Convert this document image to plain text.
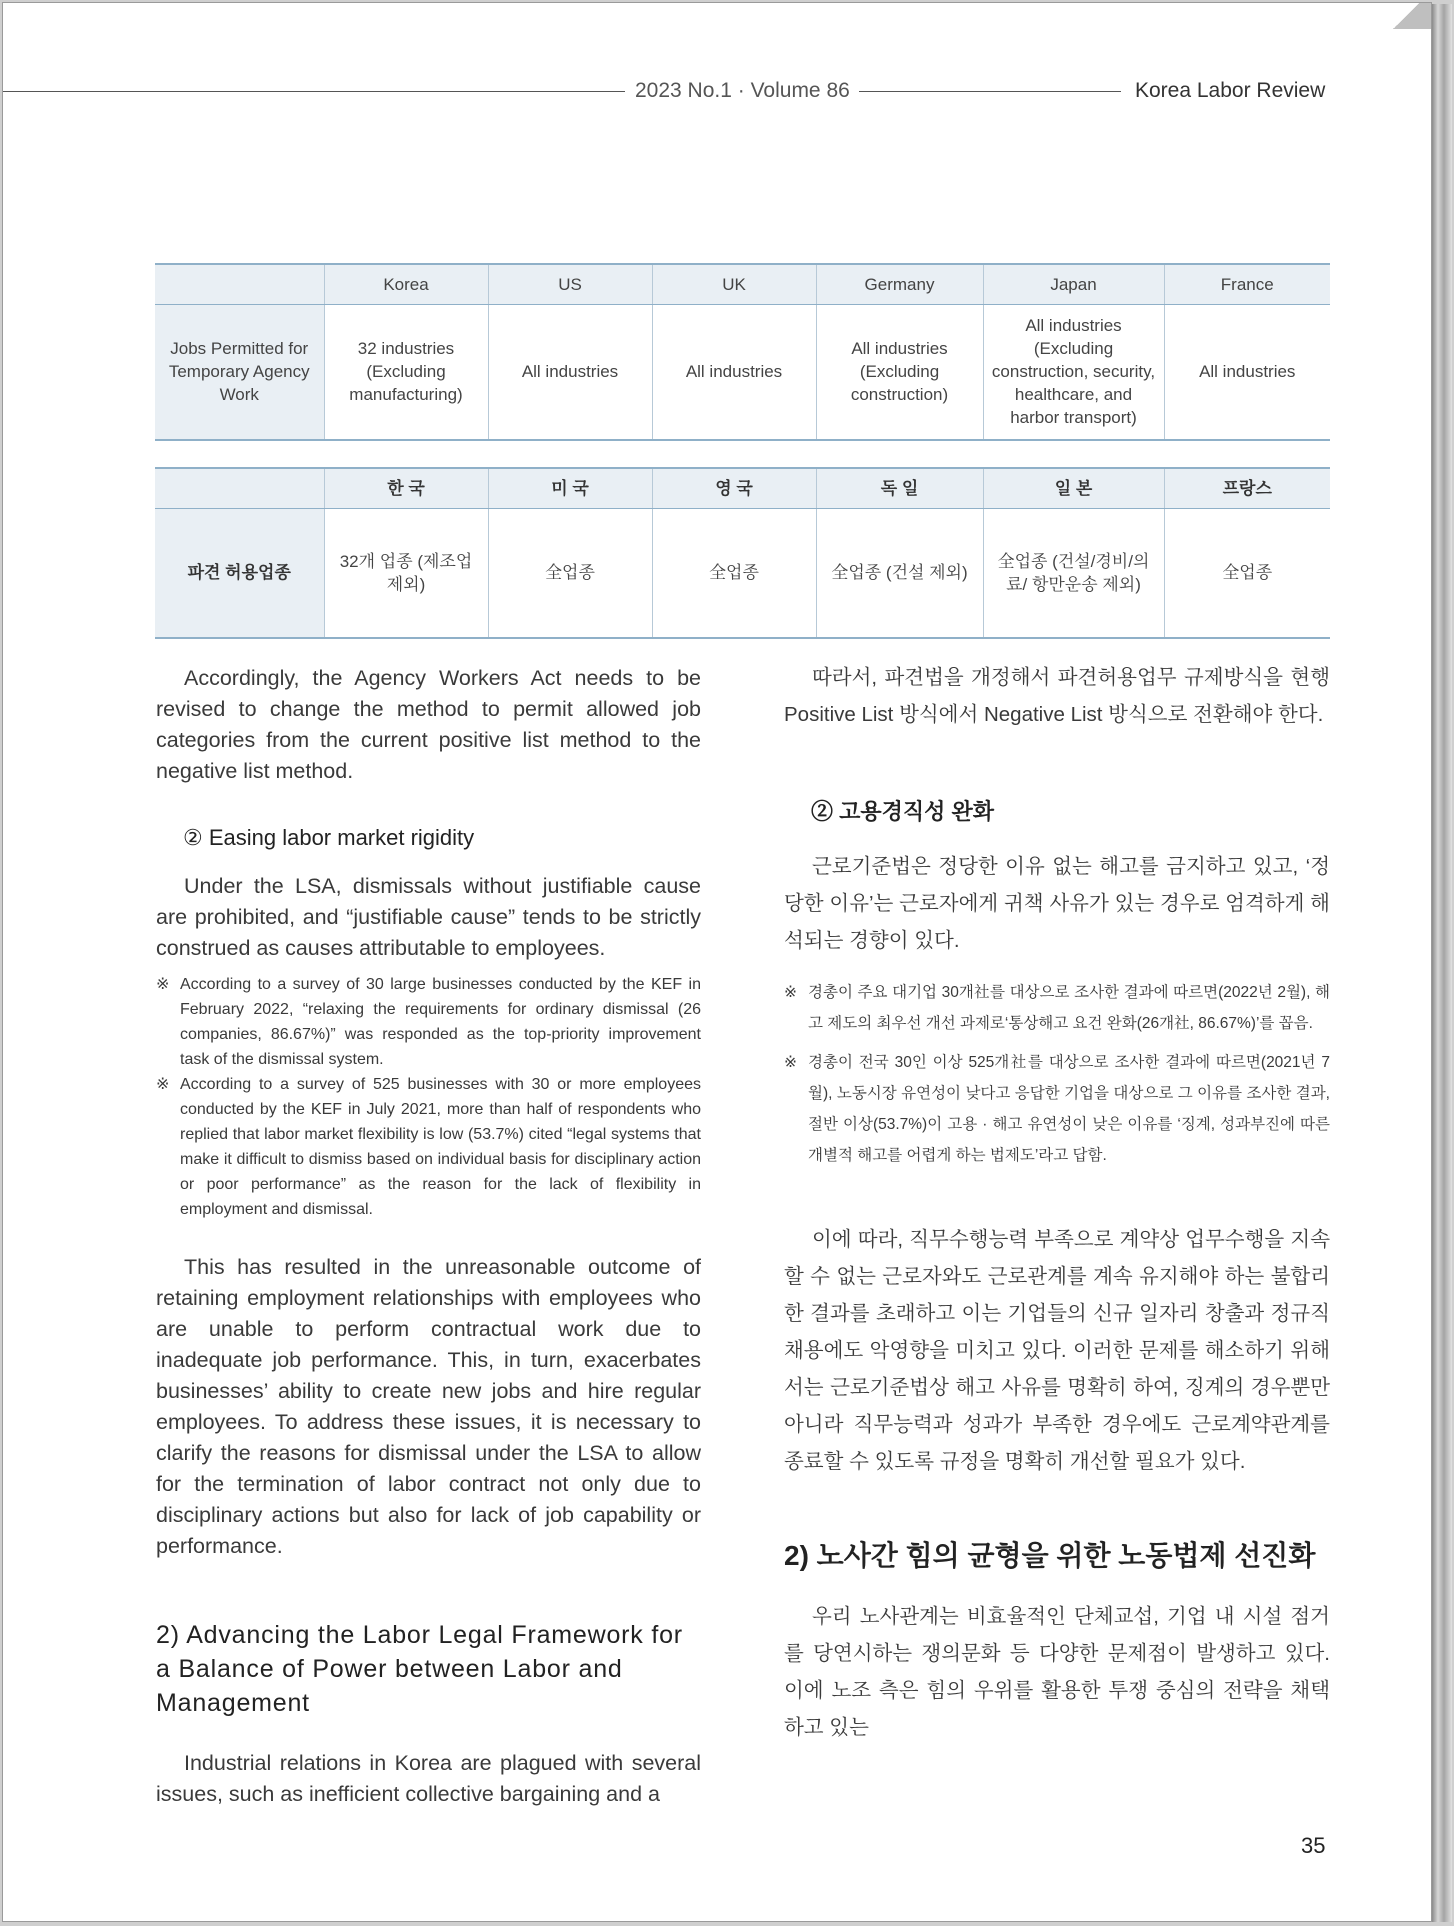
2023 No.1 · Volume 86	Korea Labor Review
	Korea	US	UK	Germany	Japan	France
Jobs Permitted for Temporary Agency Work	32 industries (Excluding manufacturing)	All industries	All industries	All industries (Excluding construction)	All industries (Excluding construction, security, healthcare, and harbor transport)	All industries
	한 국	미 국	영 국	독 일	일 본	프랑스
파견 허용업종	32개 업종 (제조업 제외)	全업종	全업종	全업종 (건설 제외)	全업종 (건설/경비/의료/ 항만운송 제외)	全업종

Accordingly, the Agency Workers Act needs to be revised to change the method to permit allowed job categories from the current positive list method to the negative list method.

② Easing labor market rigidity

Under the LSA, dismissals without justifiable cause are prohibited, and “justifiable cause” tends to be strictly construed as causes attributable to employees.

※ According to a survey of 30 large businesses conducted by the KEF in February 2022, “relaxing the requirements for ordinary dismissal (26 companies, 86.67%)” was responded as the top-priority improvement task of the dismissal system.
※ According to a survey of 525 businesses with 30 or more employees conducted by the KEF in July 2021, more than half of respondents who replied that labor market flexibility is low (53.7%) cited “legal systems that make it difficult to dismiss based on individual basis for disciplinary action or poor performance” as the reason for the lack of flexibility in employment and dismissal.

This has resulted in the unreasonable outcome of retaining employment relationships with employees who are unable to perform contractual work due to inadequate job performance. This, in turn, exacerbates businesses’ ability to create new jobs and hire regular employees. To address these issues, it is necessary to clarify the reasons for dismissal under the LSA to allow for the termination of labor contract not only due to disciplinary actions but also for lack of job capability or performance.

2) Advancing the Labor Legal Framework for a Balance of Power between Labor and Management

Industrial relations in Korea are plagued with several issues, such as inefficient collective bargaining and a

따라서, 파견법을 개정해서 파견허용업무 규제방식을 현행 Positive List 방식에서 Negative List 방식으로 전환해야 한다.

② 고용경직성 완화

근로기준법은 정당한 이유 없는 해고를 금지하고 있고, ‘정당한 이유’는 근로자에게 귀책 사유가 있는 경우로 엄격하게 해석되는 경향이 있다.

※ 경총이 주요 대기업 30개社를 대상으로 조사한 결과에 따르면(2022년 2월), 해고 제도의 최우선 개선 과제로‘통상해고 요건 완화(26개社, 86.67%)’를 꼽음.
※ 경총이 전국 30인 이상 525개社를 대상으로 조사한 결과에 따르면(2021년 7월), 노동시장 유연성이 낮다고 응답한 기업을 대상으로 그 이유를 조사한 결과, 절반 이상(53.7%)이 고용 · 해고 유연성이 낮은 이유를 ‘징계, 성과부진에 따른 개별적 해고를 어렵게 하는 법제도’라고 답함.

이에 따라, 직무수행능력 부족으로 계약상 업무수행을 지속할 수 없는 근로자와도 근로관계를 계속 유지해야 하는 불합리한 결과를 초래하고 이는 기업들의 신규 일자리 창출과 정규직 채용에도 악영향을 미치고 있다. 이러한 문제를 해소하기 위해서는 근로기준법상 해고 사유를 명확히 하여, 징계의 경우뿐만 아니라 직무능력과 성과가 부족한 경우에도 근로계약관계를 종료할 수 있도록 규정을 명확히 개선할 필요가 있다.

2) 노사간 힘의 균형을 위한 노동법제 선진화

우리 노사관계는 비효율적인 단체교섭, 기업 내 시설 점거를 당연시하는 쟁의문화 등 다양한 문제점이 발생하고 있다. 이에 노조 측은 힘의 우위를 활용한 투쟁 중심의 전략을 채택하고 있는

35
